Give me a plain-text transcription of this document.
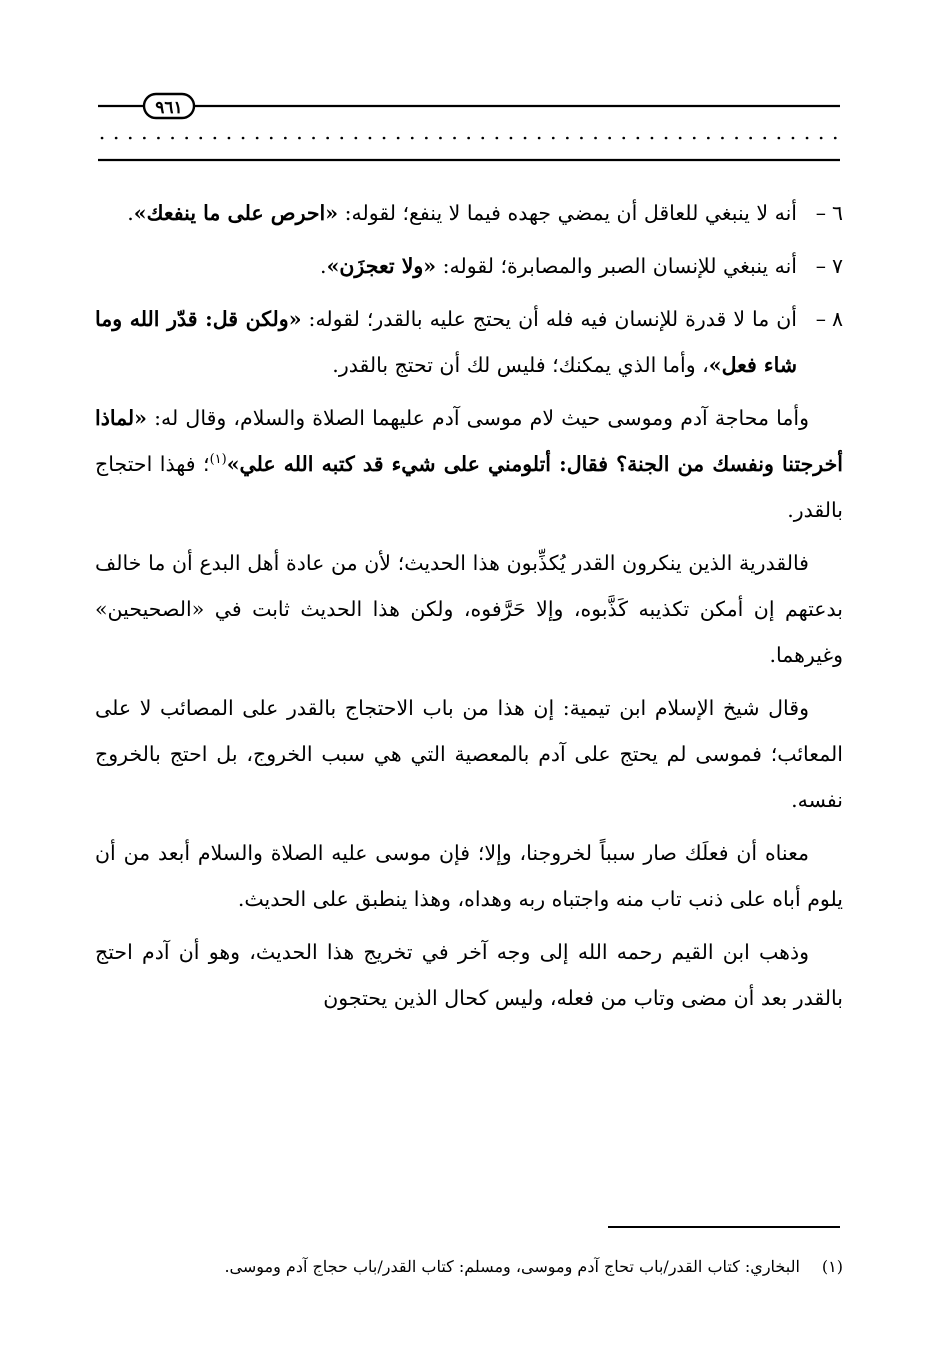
٩٦١

٦–أنه لا ينبغي للعاقل أن يمضي جهده فيما لا ينفع؛ لقوله: «احرص على ما ينفعك».

٧–أنه ينبغي للإنسان الصبر والمصابرة؛ لقوله: «ولا تعجزَن».

٨–أن ما لا قدرة للإنسان فيه فله أن يحتج عليه بالقدر؛ لقوله: «ولكن قل: قدّر الله وما شاء فعل»، وأما الذي يمكنك؛ فليس لك أن تحتج بالقدر.

وأما محاجة آدم وموسى حيث لام موسى آدم عليهما الصلاة والسلام، وقال له: «لماذا أخرجتنا ونفسك من الجنة؟ فقال: أتلومني على شيء قد كتبه الله علي»$^{(١)}$؛ فهذا احتجاج بالقدر.

فالقدرية الذين ينكرون القدر يُكذِّبون هذا الحديث؛ لأن من عادة أهل البدع أن ما خالف بدعتهم إن أمكن تكذيبه كَذَّبوه، وإلا حَرَّفوه، ولكن هذا الحديث ثابت في «الصحيحين» وغيرهما.

وقال شيخ الإسلام ابن تيمية: إن هذا من باب الاحتجاج بالقدر على المصائب لا على المعائب؛ فموسى لم يحتج على آدم بالمعصية التي هي سبب الخروج، بل احتج بالخروج نفسه.

معناه أن فعلَك صار سبباً لخروجنا، وإلا؛ فإن موسى عليه الصلاة والسلام أبعد من أن يلوم أباه على ذنب تاب منه واجتباه ربه وهداه، وهذا ينطبق على الحديث.

وذهب ابن القيم رحمه الله إلى وجه آخر في تخريج هذا الحديث، وهو أن آدم احتج بالقدر بعد أن مضى وتاب من فعله، وليس كحال الذين يحتجون

(١)البخاري: كتاب القدر/باب تحاج آدم وموسى، ومسلم: كتاب القدر/باب حجاج آدم وموسى.
